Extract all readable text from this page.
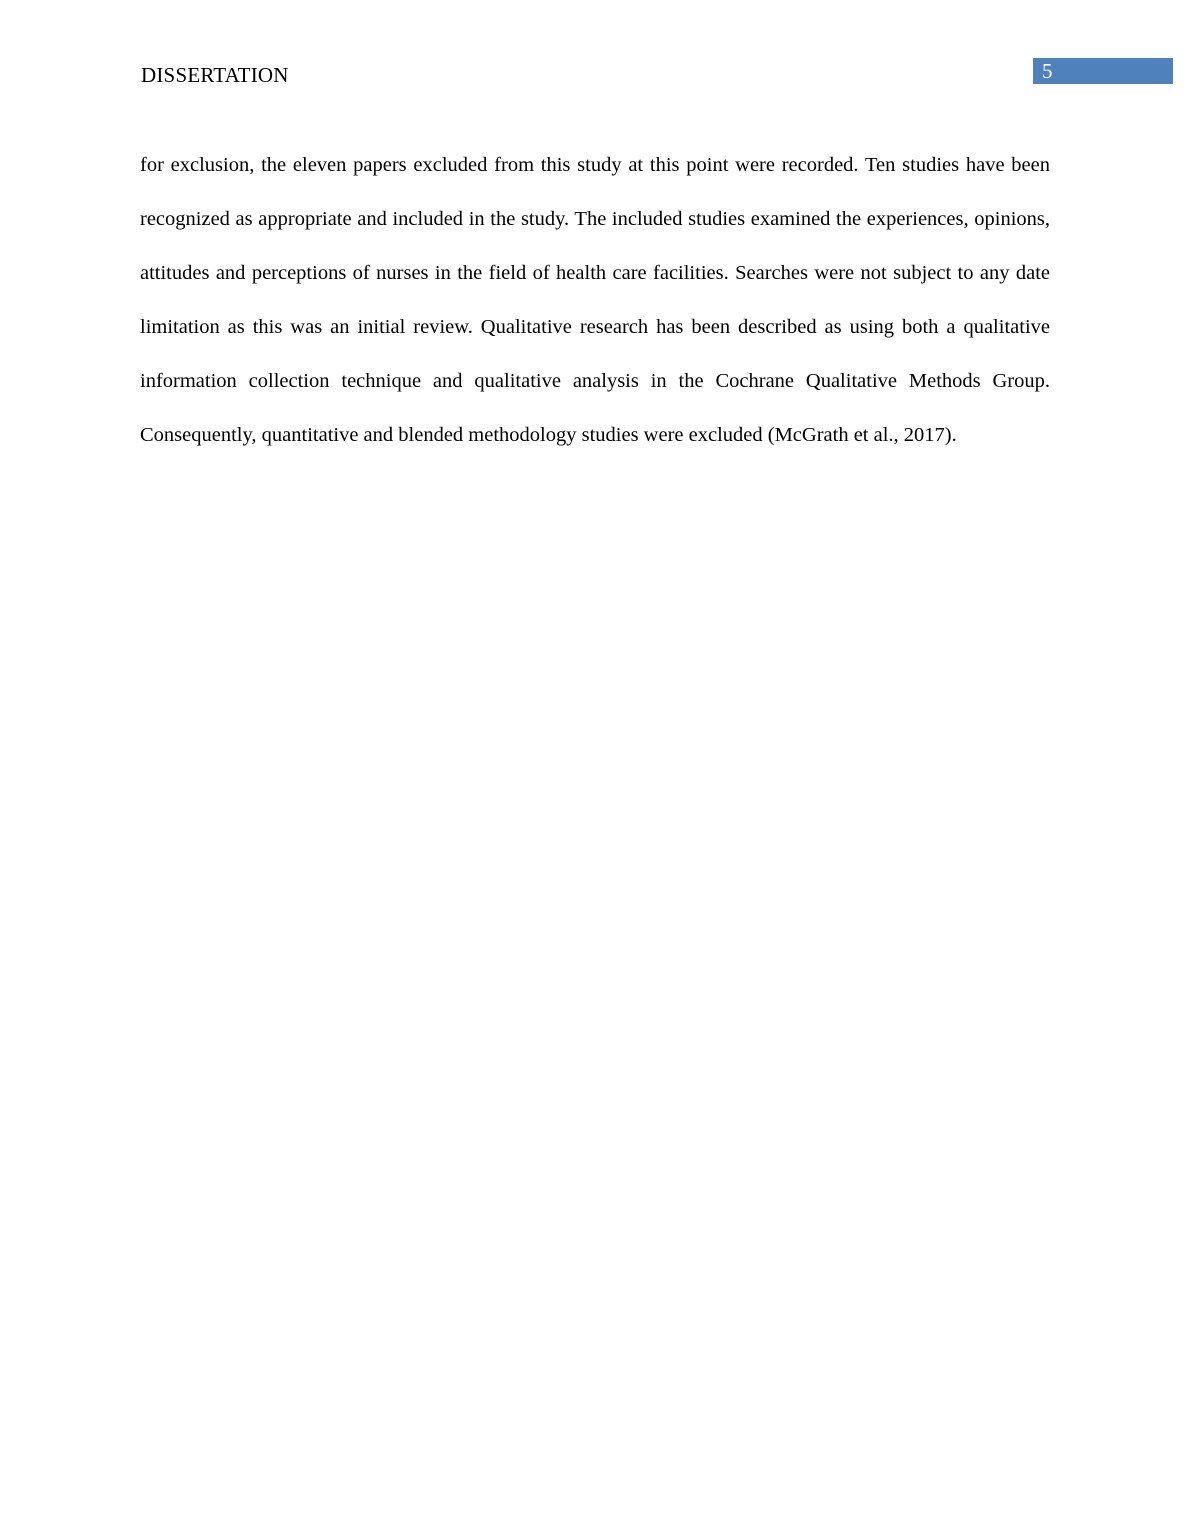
DISSERTATION	5
for exclusion, the eleven papers excluded from this study at this point were recorded. Ten studies have been recognized as appropriate and included in the study. The included studies examined the experiences, opinions, attitudes and perceptions of nurses in the field of health care facilities. Searches were not subject to any date limitation as this was an initial review. Qualitative research has been described as using both a qualitative information collection technique and qualitative analysis in the Cochrane Qualitative Methods Group. Consequently, quantitative and blended methodology studies were excluded (McGrath et al., 2017).
